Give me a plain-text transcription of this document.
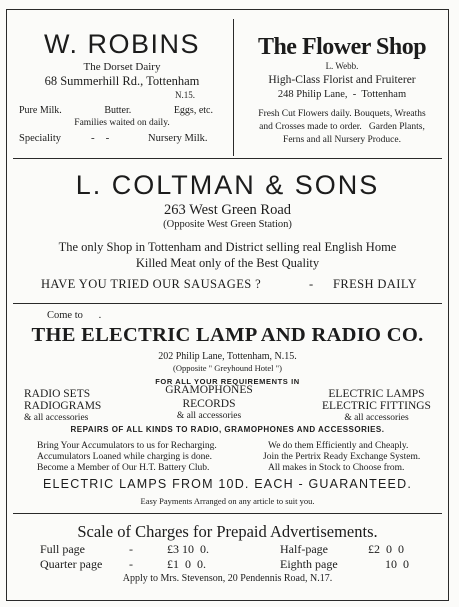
W. ROBINS
The Dorset Dairy
68 Summerhill Rd., Tottenham
N.15.
Pure Milk.	Butter.	Eggs, etc.
Families waited on daily.
Speciality	-    -	Nursery Milk.
The Flower Shop
L. Webb.
High-Class Florist and Fruiterer
248 Philip Lane,  -  Tottenham
Fresh Cut Flowers daily. Bouquets, Wreaths
and Crosses made to order.   Garden Plants,
Ferns and all Nursery Produce.
L. COLTMAN & SONS
263 West Green Road
(Opposite West Green Station)
The only Shop in Tottenham and District selling real English Home
Killed Meat only of the Best Quality
HAVE YOU TRIED OUR SAUSAGES ?	- FRESH DAILY
Come to      .
THE ELECTRIC LAMP AND RADIO CO.
202 Philip Lane, Tottenham, N.15.
(Opposite " Greyhound Hotel ")
FOR ALL YOUR REQUIREMENTS IN
RADIO SETS
RADIOGRAMS
& all accessories
GRAMOPHONES
RECORDS
& all accessories
ELECTRIC LAMPS
ELECTRIC FITTINGS
& all accessories
REPAIRS OF ALL KINDS TO RADIO, GRAMOPHONES AND ACCESSORIES.
Bring Your Accumulators to us for Recharging.
Accumulators Loaned while charging is done.
Become a Member of Our H.T. Battery Club.
We do them Efficiently and Cheaply.
Join the Pertrix Ready Exchange System.
All makes in Stock to Choose from.
ELECTRIC LAMPS FROM 10D. EACH - GUARANTEED.
Easy Payments Arranged on any article to suit you.
Scale of Charges for Prepaid Advertisements.
Full page	-	£3 10  0.	Half-page	£2  0  0
Quarter page -	£1  0  0.	Eighth page	10  0
Apply to Mrs. Stevenson, 20 Pendennis Road, N.17.
